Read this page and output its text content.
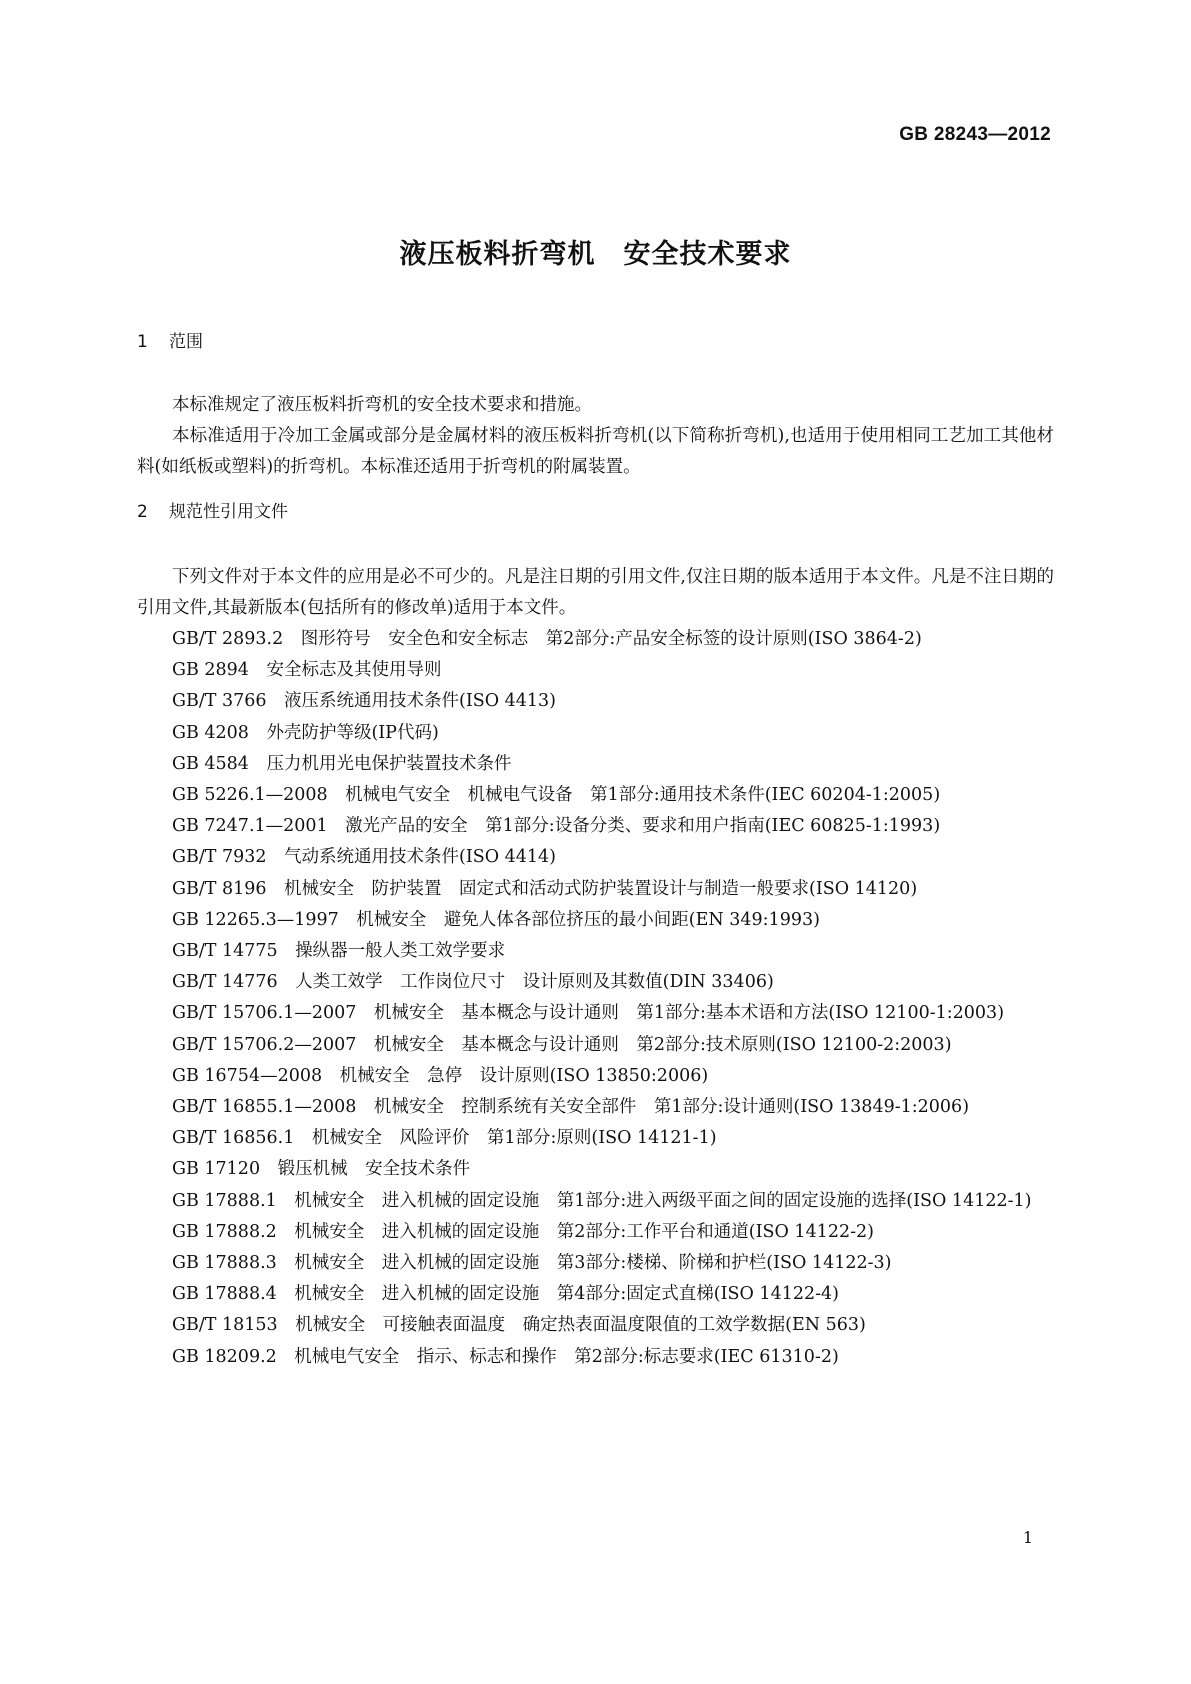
GB 28243—2012
液压板料折弯机　安全技术要求
1	范围

本标准规定了液压板料折弯机的安全技术要求和措施。

本标准适用于冷加工金属或部分是金属材料的液压板料折弯机(以下简称折弯机),也适用于使用相同工艺加工其他材料(如纸板或塑料)的折弯机。本标准还适用于折弯机的附属装置。

2	规范性引用文件

下列文件对于本文件的应用是必不可少的。凡是注日期的引用文件,仅注日期的版本适用于本文件。凡是不注日期的引用文件,其最新版本(包括所有的修改单)适用于本文件。

GB/T 2893.2　图形符号　安全色和安全标志　第2部分:产品安全标签的设计原则(ISO 3864-2)
GB 2894　安全标志及其使用导则
GB/T 3766　液压系统通用技术条件(ISO 4413)
GB 4208　外壳防护等级(IP代码)
GB 4584　压力机用光电保护装置技术条件
GB 5226.1—2008　机械电气安全　机械电气设备　第1部分:通用技术条件(IEC 60204-1:2005)
GB 7247.1—2001　激光产品的安全　第1部分:设备分类、要求和用户指南(IEC 60825-1:1993)
GB/T 7932　气动系统通用技术条件(ISO 4414)
GB/T 8196　机械安全　防护装置　固定式和活动式防护装置设计与制造一般要求(ISO 14120)
GB 12265.3—1997　机械安全　避免人体各部位挤压的最小间距(EN 349:1993)
GB/T 14775　操纵器一般人类工效学要求
GB/T 14776　人类工效学　工作岗位尺寸　设计原则及其数值(DIN 33406)
GB/T 15706.1—2007　机械安全　基本概念与设计通则　第1部分:基本术语和方法(ISO 12100-1:2003)
GB/T 15706.2—2007　机械安全　基本概念与设计通则　第2部分:技术原则(ISO 12100-2:2003)
GB 16754—2008　机械安全　急停　设计原则(ISO 13850:2006)
GB/T 16855.1—2008　机械安全　控制系统有关安全部件　第1部分:设计通则(ISO 13849-1:2006)
GB/T 16856.1　机械安全　风险评价　第1部分:原则(ISO 14121-1)
GB 17120　锻压机械　安全技术条件
GB 17888.1　机械安全　进入机械的固定设施　第1部分:进入两级平面之间的固定设施的选择(ISO 14122-1)
GB 17888.2　机械安全　进入机械的固定设施　第2部分:工作平台和通道(ISO 14122-2)
GB 17888.3　机械安全　进入机械的固定设施　第3部分:楼梯、阶梯和护栏(ISO 14122-3)
GB 17888.4　机械安全　进入机械的固定设施　第4部分:固定式直梯(ISO 14122-4)
GB/T 18153　机械安全　可接触表面温度　确定热表面温度限值的工效学数据(EN 563)
GB 18209.2　机械电气安全　指示、标志和操作　第2部分:标志要求(IEC 61310-2)
1
